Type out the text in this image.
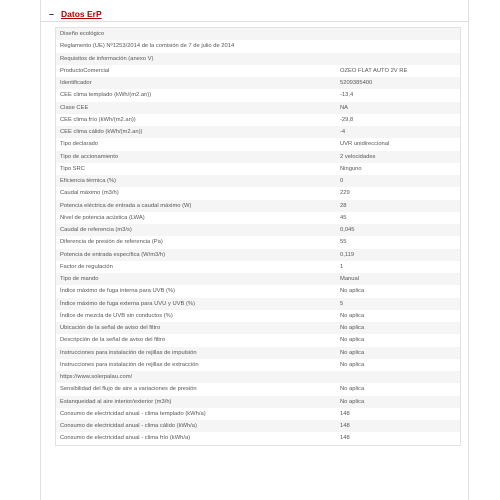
– Datos ErP
Diseño ecológico
Reglamento (UE) Nº1253/2014 de la comisión de 7 de julio de 2014
Requisitos de información (anexo V)
ProductoComercial	OZEO FLAT AUTO 2V RE
Identificador	5209385400
CEE clima templado (kWh/(m2.an))	-13,4
Clase CEE	NA
CEE clima frío (kWh/(m2.an))	-29,8
CEE clima cálido (kWh/(m2.an))	-4
Tipo declarado	UVR unidireccional
Tipo de accionamiento	2 velocidades
Tipo SRC	Ninguno
Eficiencia térmica (%)	0
Caudal máximo (m3/h)	229
Potencia eléctrica de entrada a caudal máximo (W)	28
Nivel de potencia acústica (LWA)	45
Caudal de referencia (m3/s)	0,045
Diferencia de presión de referencia (Pa)	55
Potencia de entrada específica (W/m3/h)	0,119
Factor de regulación	1
Tipo de mando	Manual
Índice máximo de fuga interna para UVB (%)	No aplica
Índice máximo de fuga externa para UVU y UVB (%)	5
Índice de mezcla de UVB sin conductos (%)	No aplica
Ubicación de la señal de aviso del filtro	No aplica
Descripción de la señal de aviso del filtro	No aplica
Instrucciones para instalación de rejillas de impulsión	No aplica
Instrucciones para instalación de rejillas de extracción	No aplica
https://www.solerpalau.com/
Sensibilidad del flujo de aire a variaciones de presión	No aplica
Estanqueidad al aire interior/exterior (m3/h)	No aplica
Consumo de electricidad anual - clima templado (kWh/a)	148
Consumo de electricidad anual - clima cálido (kWh/a)	148
Consumo de electricidad anual - clima frío (kWh/a)	148
